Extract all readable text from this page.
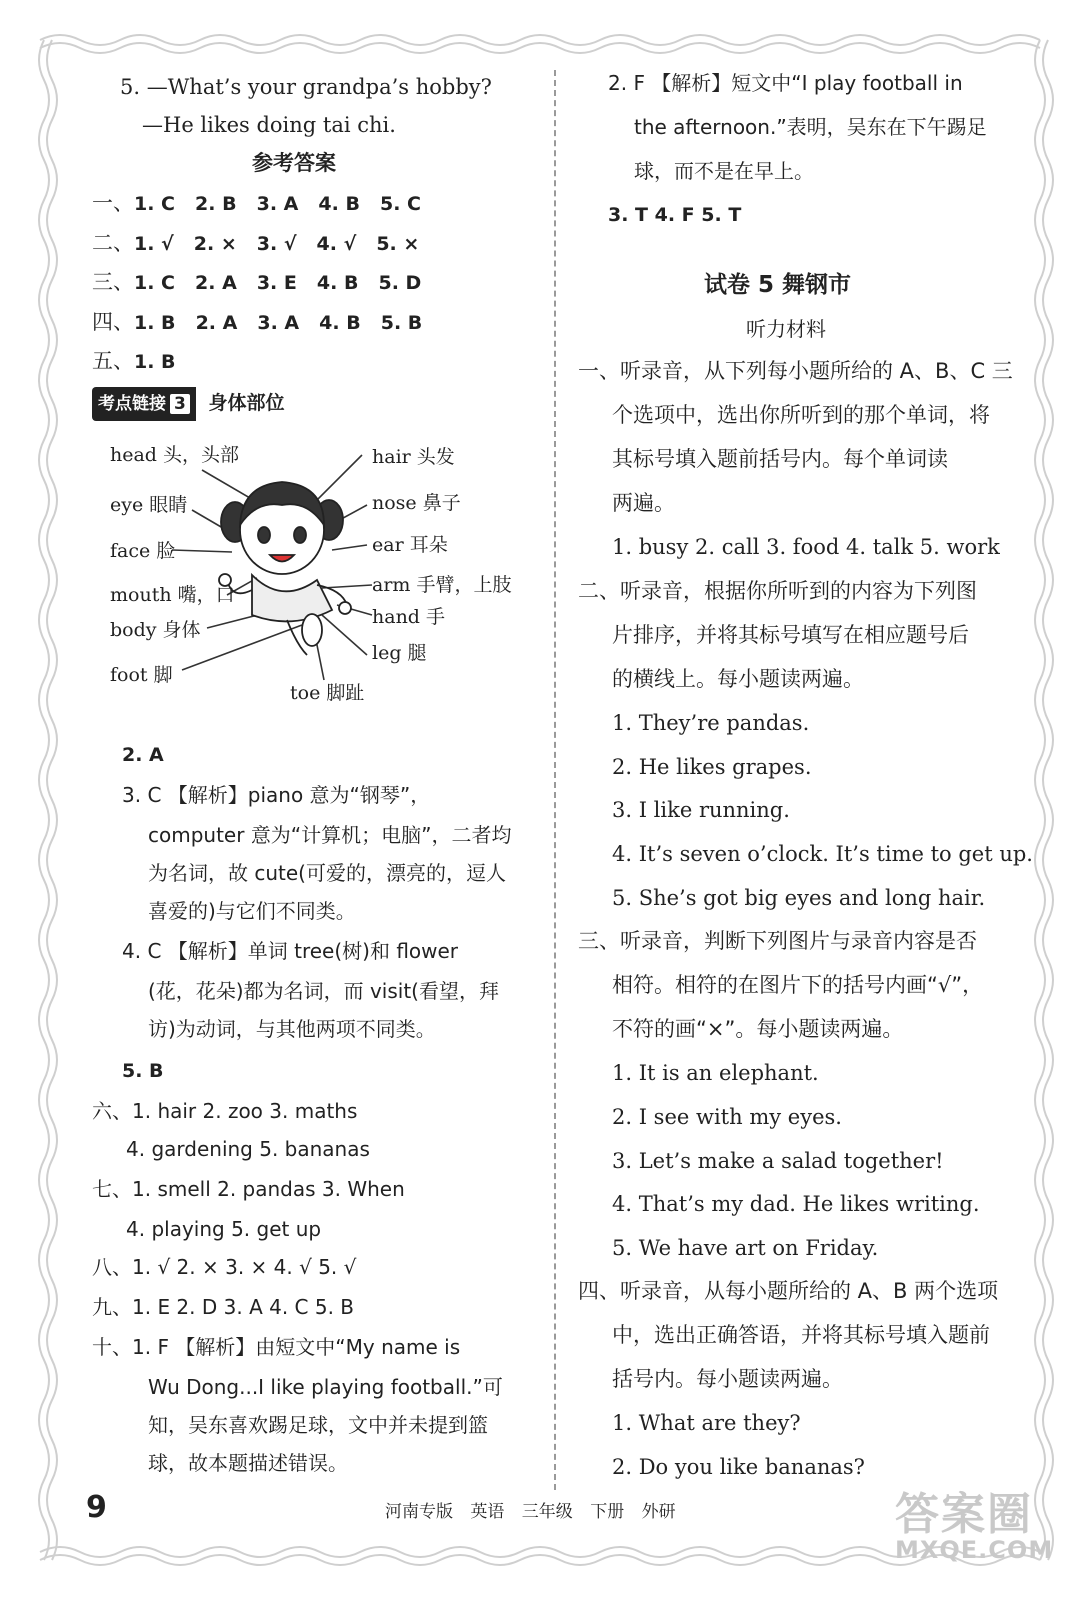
5. —What’s your grandpa’s hobby?
—He likes doing tai chi.
参考答案
一、1. C 2. B 3. A 4. B 5. C
二、1. √ 2. × 3. √ 4. √ 5. ×
三、1. C 2. A 3. E 4. B 5. D
四、1. B 2. A 3. A 4. B 5. B
五、1. B
考点链接 3 身体部位
head 头，头部
eye 眼睛
face 脸
mouth 嘴，口
body 身体
foot 脚
hair 头发
nose 鼻子
ear 耳朵
arm 手臂，上肢
hand 手
leg 腿
toe 脚趾
2. A
3. C 【解析】piano 意为“钢琴”，
computer 意为“计算机；电脑”，二者均
为名词，故 cute(可爱的，漂亮的，逗人
喜爱的)与它们不同类。
4. C 【解析】单词 tree(树)和 flower
(花，花朵)都为名词，而 visit(看望，拜
访)为动词，与其他两项不同类。
5. B
六、1. hair 2. zoo 3. maths
4. gardening 5. bananas
七、1. smell 2. pandas 3. When
4. playing 5. get up
八、1. √ 2. × 3. × 4. √ 5. √
九、1. E 2. D 3. A 4. C 5. B
十、1. F 【解析】由短文中“My name is
Wu Dong...I like playing football.”可
知，吴东喜欢踢足球，文中并未提到篮
球，故本题描述错误。
2. F 【解析】短文中“I play football in
the afternoon.”表明，吴东在下午踢足
球，而不是在早上。
3. T 4. F 5. T
试卷 5 舞钢市
听力材料
一、听录音，从下列每小题所给的 A、B、C 三
个选项中，选出你所听到的那个单词，将
其标号填入题前括号内。每个单词读
两遍。
1. busy 2. call 3. food 4. talk 5. work
二、听录音，根据你所听到的内容为下列图
片排序，并将其标号填写在相应题号后
的横线上。每小题读两遍。
1. They’re pandas.
2. He likes grapes.
3. I like running.
4. It’s seven o’clock. It’s time to get up.
5. She’s got big eyes and long hair.
三、听录音，判断下列图片与录音内容是否
相符。相符的在图片下的括号内画“√”，
不符的画“×”。每小题读两遍。
1. It is an elephant.
2. I see with my eyes.
3. Let’s make a salad together!
4. That’s my dad. He likes writing.
5. We have art on Friday.
四、听录音，从每小题所给的 A、B 两个选项
中，选出正确答语，并将其标号填入题前
括号内。每小题读两遍。
1. What are they?
2. Do you like bananas?
9	河南专版 英语 三年级 下册 外研	答案圈
MXQE.COM
